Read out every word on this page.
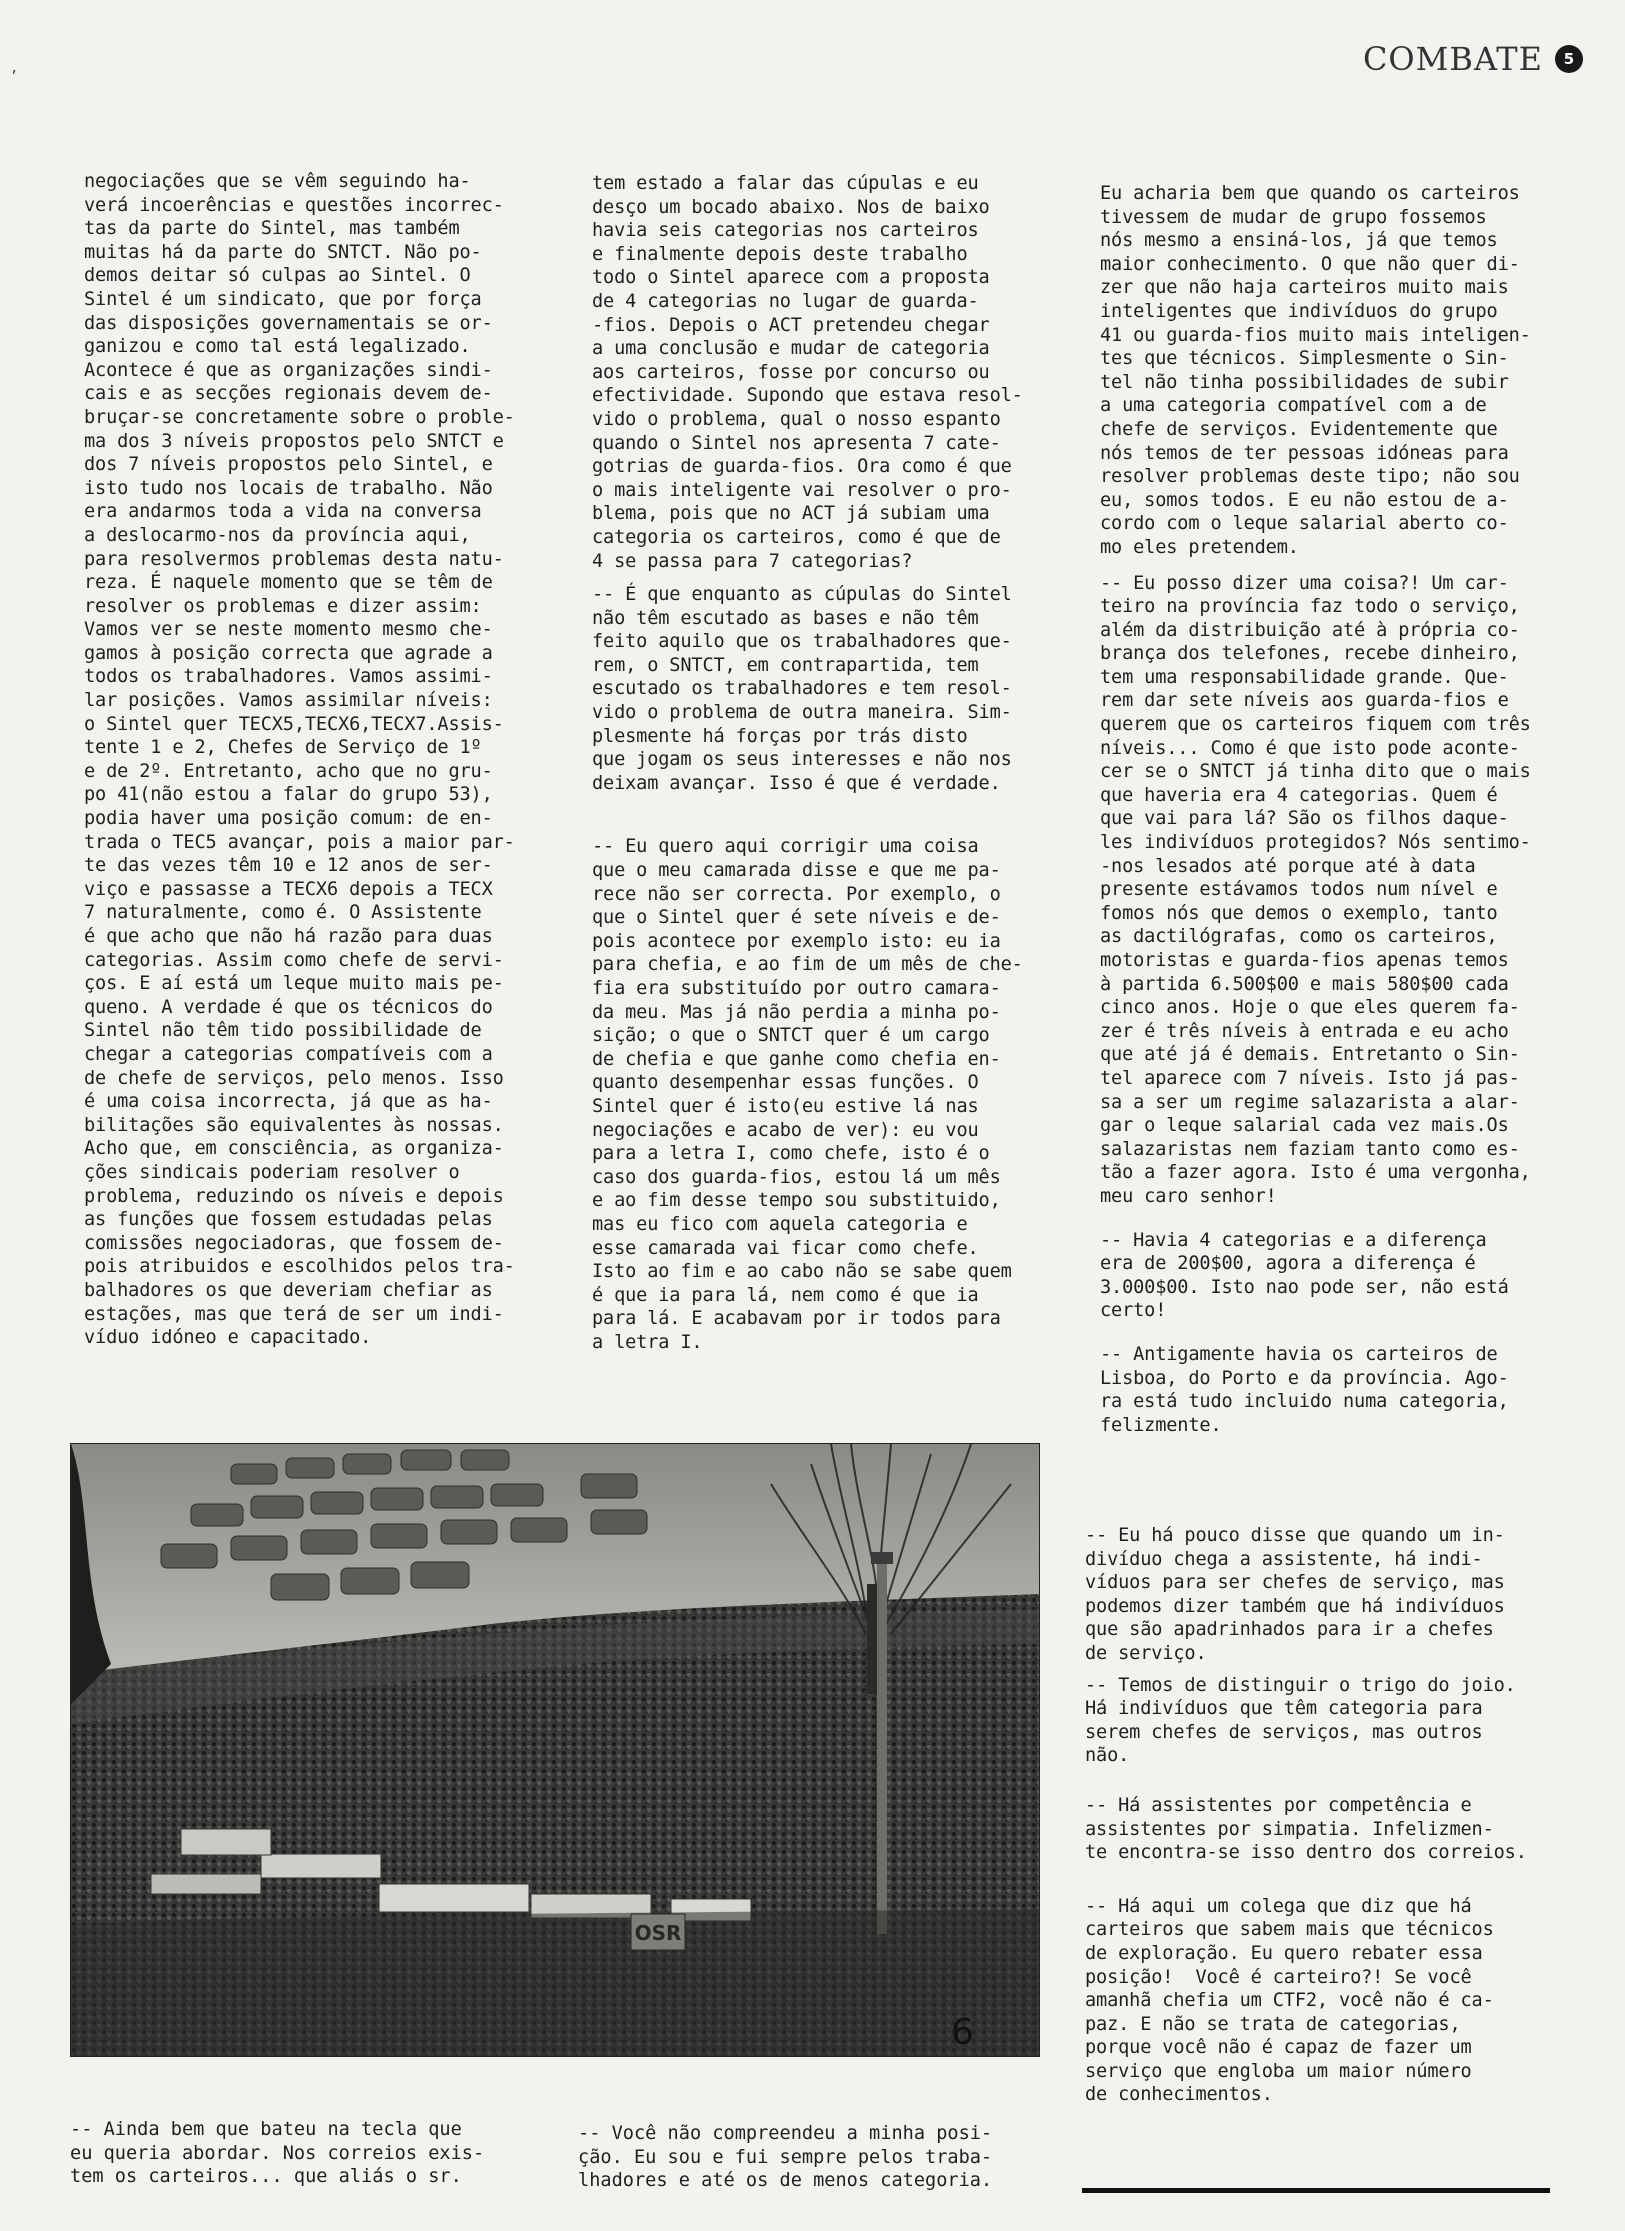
,	COMBATE	5

negociações que se vêm seguindo ha-
verá incoerências e questões incorrec-
tas da parte do Sintel, mas também
muitas há da parte do SNTCT. Não po-
demos deitar só culpas ao Sintel. O
Sintel é um sindicato, que por força
das disposições governamentais se or-
ganizou e como tal está legalizado.

Acontece é que as organizações sindi-
cais e as secções regionais devem de-
bruçar-se concretamente sobre o proble-
ma dos 3 níveis propostos pelo SNTCT e
dos 7 níveis propostos pelo Sintel, e
isto tudo nos locais de trabalho. Não
era andarmos toda a vida na conversa
a deslocarmo-nos da província aqui,
para resolvermos problemas desta natu-
reza. É naquele momento que se têm de
resolver os problemas e dizer assim:
Vamos ver se neste momento mesmo che-
gamos à posição correcta que agrade a
todos os trabalhadores. Vamos assimi-
lar posições. Vamos assimilar níveis:
o Sintel quer TECX5,TECX6,TECX7.Assis-
tente 1 e 2, Chefes de Serviço de 1º
e de 2º. Entretanto, acho que no gru-
po 41(não estou a falar do grupo 53),
podia haver uma posição comum: de en-
trada o TEC5 avançar, pois a maior par-
te das vezes têm 10 e 12 anos de ser-
viço e passasse a TECX6 depois a TECX
7 naturalmente, como é. O Assistente
é que acho que não há razão para duas
categorias. Assim como chefe de servi-
ços. E aí está um leque muito mais pe-
queno. A verdade é que os técnicos do
Sintel não têm tido possibilidade de
chegar a categorias compatíveis com a
de chefe de serviços, pelo menos. Isso
é uma coisa incorrecta, já que as ha-
bilitações são equivalentes às nossas.
Acho que, em consciência, as organiza-
ções sindicais poderiam resolver o
problema, reduzindo os níveis e depois
as funções que fossem estudadas pelas
comissões negociadoras, que fossem de-
pois atribuidos e escolhidos pelos tra-
balhadores os que deveriam chefiar as
estações, mas que terá de ser um indi-
víduo idóneo e capacitado.

tem estado a falar das cúpulas e eu
desço um bocado abaixo. Nos de baixo
havia seis categorias nos carteiros
e finalmente depois deste trabalho
todo o Sintel aparece com a proposta
de 4 categorias no lugar de guarda-
-fios. Depois o ACT pretendeu chegar
a uma conclusão e mudar de categoria
aos carteiros, fosse por concurso ou
efectividade. Supondo que estava resol-
vido o problema, qual o nosso espanto
quando o Sintel nos apresenta 7 cate-
gotrias de guarda-fios. Ora como é que
o mais inteligente vai resolver o pro-
blema, pois que no ACT já subiam uma
categoria os carteiros, como é que de
4 se passa para 7 categorias?

-- É que enquanto as cúpulas do Sintel
não têm escutado as bases e não têm
feito aquilo que os trabalhadores que-
rem, o SNTCT, em contrapartida, tem
escutado os trabalhadores e tem resol-
vido o problema de outra maneira. Sim-
plesmente há forças por trás disto
que jogam os seus interesses e não nos
deixam avançar. Isso é que é verdade.

-- Eu quero aqui corrigir uma coisa
que o meu camarada disse e que me pa-
rece não ser correcta. Por exemplo, o
que o Sintel quer é sete níveis e de-
pois acontece por exemplo isto: eu ia
para chefia, e ao fim de um mês de che-
fia era substituído por outro camara-
da meu. Mas já não perdia a minha po-
sição; o que o SNTCT quer é um cargo
de chefia e que ganhe como chefia en-
quanto desempenhar essas funções. O
Sintel quer é isto(eu estive lá nas
negociações e acabo de ver): eu vou
para a letra I, como chefe, isto é o
caso dos guarda-fios, estou lá um mês
e ao fim desse tempo sou substituido,
mas eu fico com aquela categoria e
esse camarada vai ficar como chefe.
Isto ao fim e ao cabo não se sabe quem
é que ia para lá, nem como é que ia
para lá. E acabavam por ir todos para
a letra I.

Eu acharia bem que quando os carteiros
tivessem de mudar de grupo fossemos
nós mesmo a ensiná-los, já que temos
maior conhecimento. O que não quer di-
zer que não haja carteiros muito mais
inteligentes que indivíduos do grupo
41 ou guarda-fios muito mais inteligen-
tes que técnicos. Simplesmente o Sin-
tel não tinha possibilidades de subir
a uma categoria compatível com a de
chefe de serviços. Evidentemente que
nós temos de ter pessoas idóneas para
resolver problemas deste tipo; não sou
eu, somos todos. E eu não estou de a-
cordo com o leque salarial aberto co-
mo eles pretendem.

-- Eu posso dizer uma coisa?! Um car-
teiro na província faz todo o serviço,
além da distribuição até à própria co-
brança dos telefones, recebe dinheiro,
tem uma responsabilidade grande. Que-
rem dar sete níveis aos guarda-fios e
querem que os carteiros fiquem com três
níveis... Como é que isto pode aconte-
cer se o SNTCT já tinha dito que o mais
que haveria era 4 categorias. Quem é
que vai para lá? São os filhos daque-
les indivíduos protegidos? Nós sentimo-
-nos lesados até porque até à data
presente estávamos todos num nível e
fomos nós que demos o exemplo, tanto
as dactilógrafas, como os carteiros,
motoristas e guarda-fios apenas temos
à partida 6.500$00 e mais 580$00 cada
cinco anos. Hoje o que eles querem fa-
zer é três níveis à entrada e eu acho
que até já é demais. Entretanto o Sin-
tel aparece com 7 níveis. Isto já pas-
sa a ser um regime salazarista a alar-
gar o leque salarial cada vez mais.Os
salazaristas nem faziam tanto como es-
tão a fazer agora. Isto é uma vergonha,
meu caro senhor!

-- Havia 4 categorias e a diferença
era de 200$00, agora a diferença é
3.000$00. Isto nao pode ser, não está
certo!

-- Antigamente havia os carteiros de
Lisboa, do Porto e da província. Ago-
ra está tudo incluido numa categoria,
felizmente.

-- Eu há pouco disse que quando um in-
divíduo chega a assistente, há indi-
víduos para ser chefes de serviço, mas
podemos dizer também que há indivíduos
que são apadrinhados para ir a chefes
de serviço.

-- Temos de distinguir o trigo do joio.
Há indivíduos que têm categoria para
serem chefes de serviços, mas outros
não.

-- Há assistentes por competência e
assistentes por simpatia. Infelizmen-
te encontra-se isso dentro dos correios.

-- Há aqui um colega que diz que há
carteiros que sabem mais que técnicos
de exploração. Eu quero rebater essa
posição!  Você é carteiro?! Se você
amanhã chefia um CTF2, você não é ca-
paz. E não se trata de categorias,
porque você não é capaz de fazer um
serviço que engloba um maior número
de conhecimentos.

6

-- Ainda bem que bateu na tecla que
eu queria abordar. Nos correios exis-
tem os carteiros... que aliás o sr.

-- Você não compreendeu a minha posi-
ção. Eu sou e fui sempre pelos traba-
lhadores e até os de menos categoria.
